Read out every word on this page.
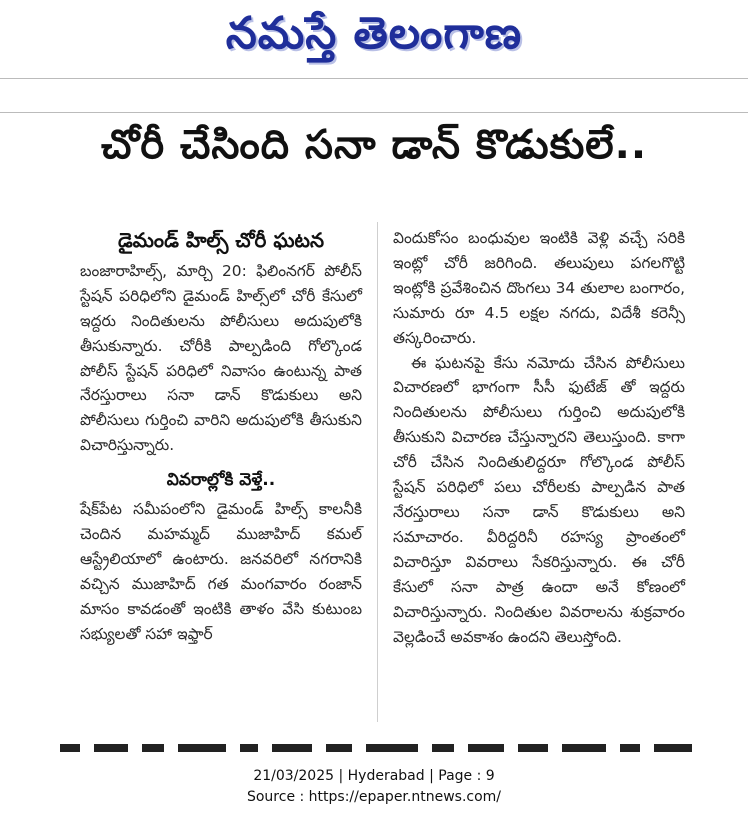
నమస్తే తెలంగాణ
చోరీ చేసింది సనా డాన్ కొడుకులే..
డైమండ్ హిల్స్ చోరీ ఘటన

బంజారాహిల్స్, మార్చి 20: ఫిలింనగర్ పోలీస్ స్టేషన్ పరిధిలోని డైమండ్ హిల్స్‌లో చోరీ కేసులో ఇద్దరు నిందితులను పోలీసులు అదుపులోకి తీసుకున్నారు. చోరీకి పాల్పడింది గోల్కొండ పోలీస్ స్టేషన్ పరిధిలో నివాసం ఉంటున్న పాత నేరస్తురాలు సనా డాన్ కొడుకులు అని పోలీసులు గుర్తించి వారిని అదుపులోకి తీసుకుని విచారిస్తున్నారు.

వివరాల్లోకి వెళ్తే..

షేక్‌పేట సమీపంలోని డైమండ్ హిల్స్ కాలనీకి చెందిన మహమ్మద్ ముజాహిద్ కమల్ ఆస్ట్రేలియాలో ఉంటారు. జనవరిలో నగరానికి వచ్చిన ముజాహిద్ గత మంగవారం రంజాన్ మాసం కావడంతో ఇంటికి తాళం వేసి కుటుంబ సభ్యులతో సహా ఇఫ్తార్

విందుకోసం బంధువుల ఇంటికి వెళ్లి వచ్చే సరికి ఇంట్లో చోరీ జరిగింది. తలుపులు పగలగొట్టి ఇంట్లోకి ప్రవేశించిన దొంగలు 34 తులాల బంగారం, సుమారు రూ 4.5 లక్షల నగదు, విదేశీ కరెన్సీ తస్కరించారు.

ఈ ఘటనపై కేసు నమోదు చేసిన పోలీసులు విచారణలో భాగంగా సీసీ ఫుటేజ్ తో ఇద్దరు నిందితులను పోలీసులు గుర్తించి అదుపులోకి తీసుకుని విచారణ చేస్తున్నారని తెలుస్తుంది. కాగా చోరీ చేసిన నిందితులిద్దరూ గోల్కొండ పోలీస్ స్టేషన్ పరిధిలో పలు చోరీలకు పాల్పడిన పాత నేరస్తురాలు సనా డాన్ కొడుకులు అని సమాచారం. వీరిద్దరినీ రహస్య ప్రాంతంలో విచారిస్తూ వివరాలు సేకరిస్తున్నారు. ఈ చోరీ కేసులో సనా పాత్ర ఉందా అనే కోణంలో విచారిస్తున్నారు. నిందితుల వివరాలను శుక్రవారం వెల్లడించే అవకాశం ఉందని తెలుస్తోంది.

21/03/2025 | Hyderabad | Page : 9
Source : https://epaper.ntnews.com/
